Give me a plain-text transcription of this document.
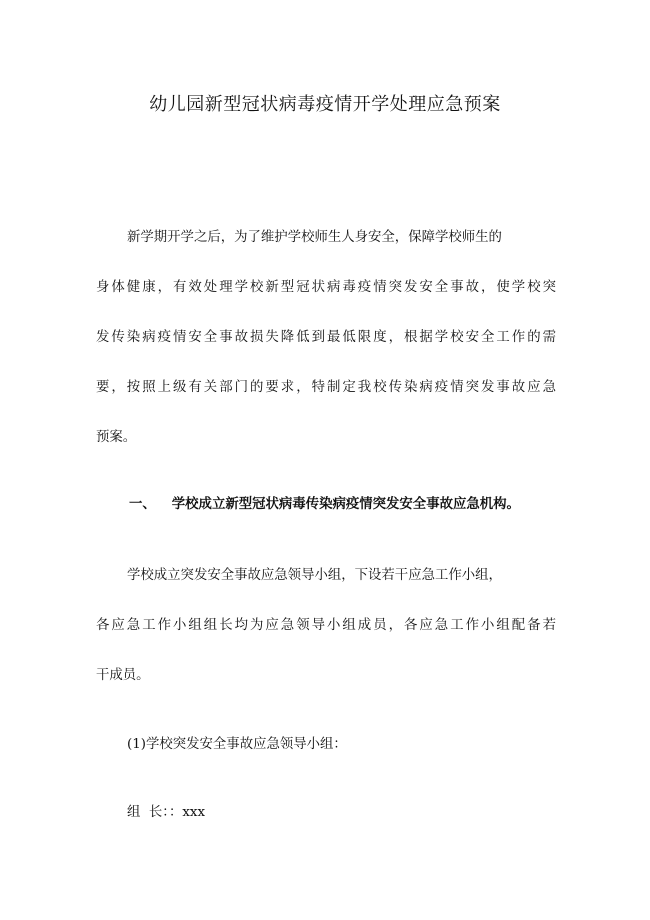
幼儿园新型冠状病毒疫情开学处理应急预案
新学期开学之后，为了维护学校师生人身安全，保障学校师生的
身体健康，有效处理学校新型冠状病毒疫情突发安全事故，使学校突
发传染病疫情安全事故损失降低到最低限度，根据学校安全工作的需
要，按照上级有关部门的要求，特制定我校传染病疫情突发事故应急
预案。
一、 学校成立新型冠状病毒传染病疫情突发安全事故应急机构。
学校成立突发安全事故应急领导小组，下设若干应急工作小组，
各应急工作小组组长均为应急领导小组成员，各应急工作小组配备若
干成员。
(1)学校突发安全事故应急领导小组：
组  长：：xxx
